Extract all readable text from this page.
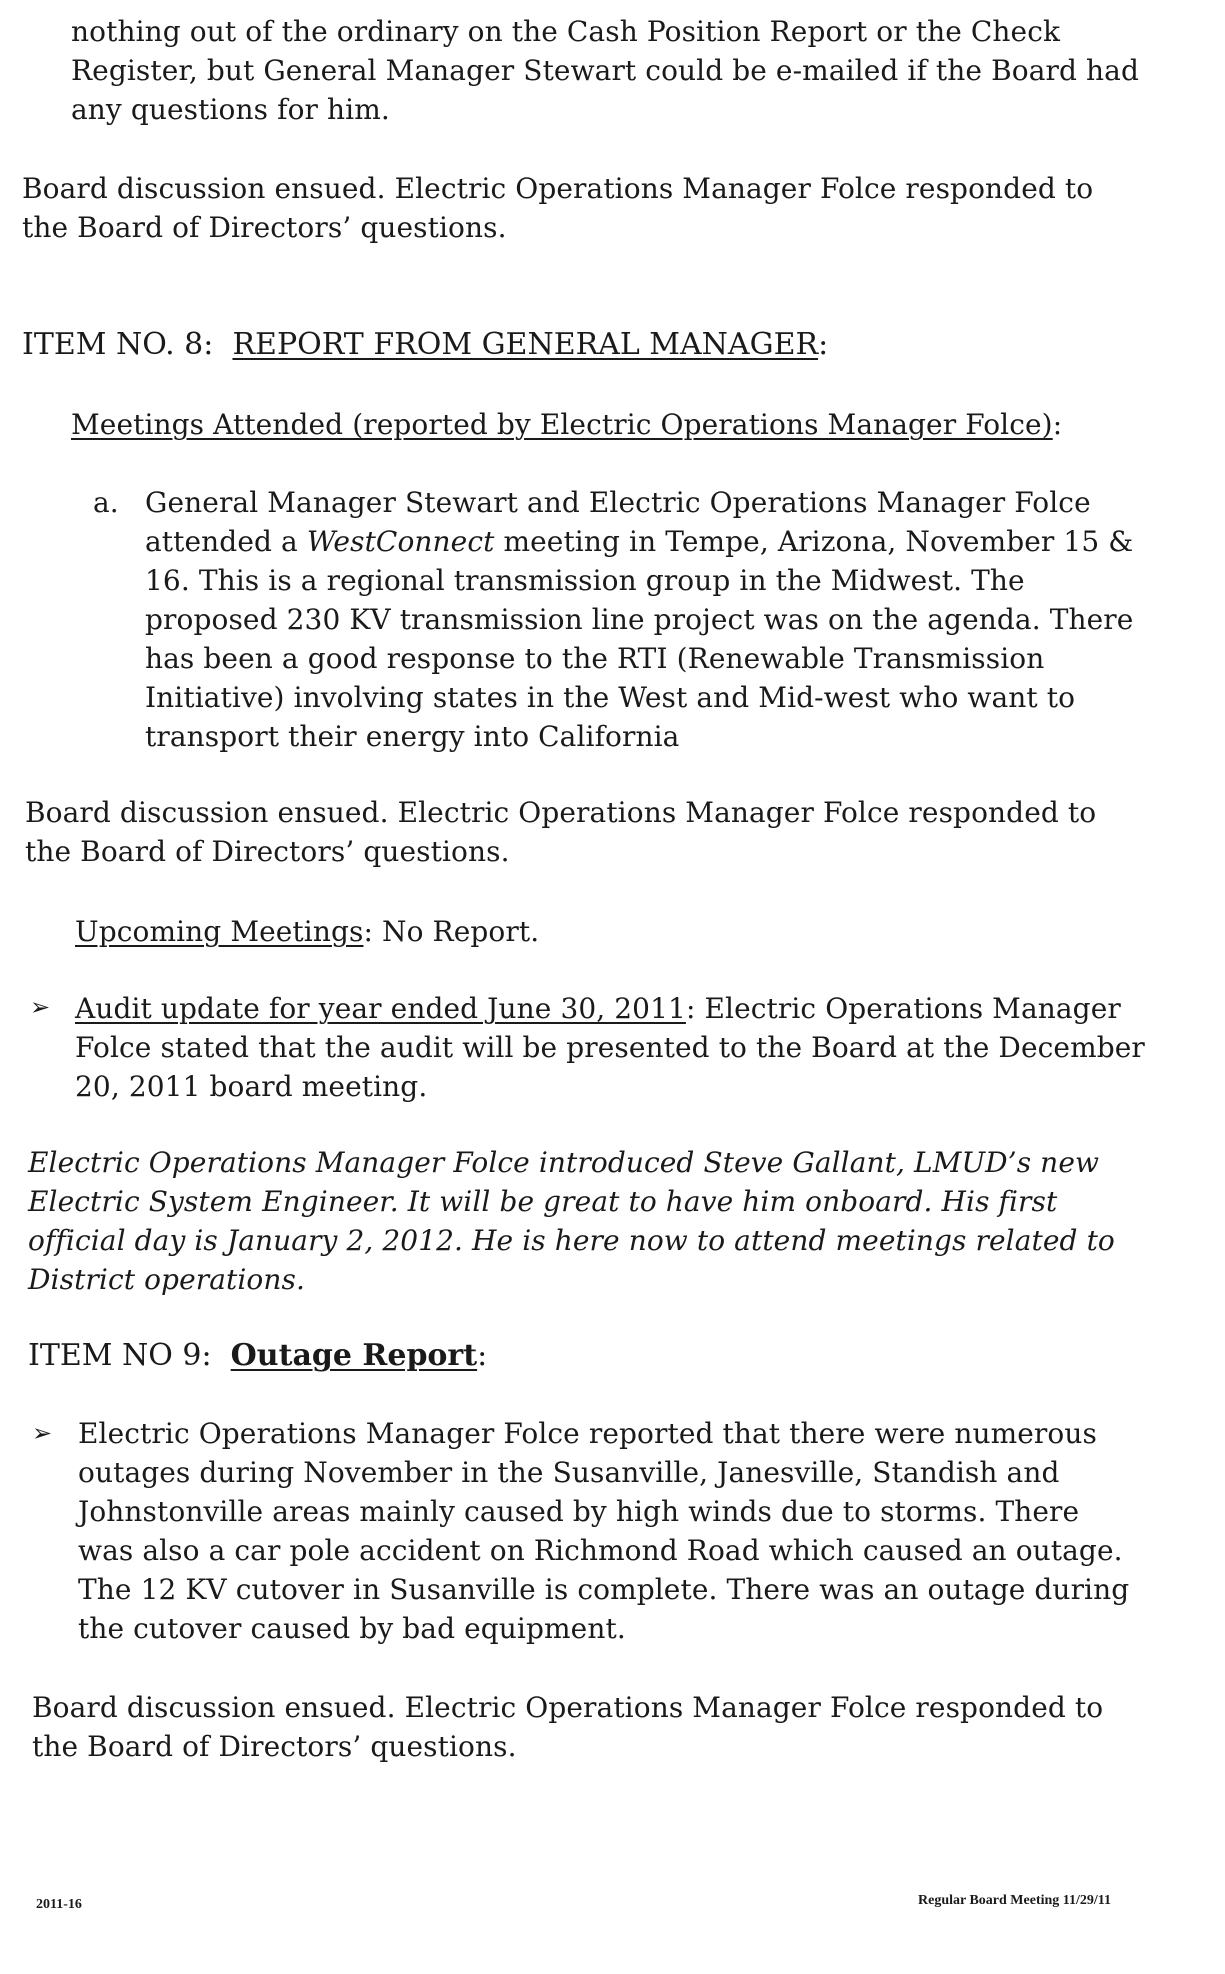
nothing out of the ordinary on the Cash Position Report or the Check
Register, but General Manager Stewart could be e-mailed if the Board had
any questions for him.
Board discussion ensued. Electric Operations Manager Folce responded to
the Board of Directors’ questions.
ITEM NO. 8: REPORT FROM GENERAL MANAGER:
Meetings Attended (reported by Electric Operations Manager Folce):
a. General Manager Stewart and Electric Operations Manager Folce
attended a WestConnect meeting in Tempe, Arizona, November 15 &
16. This is a regional transmission group in the Midwest. The
proposed 230 KV transmission line project was on the agenda. There
has been a good response to the RTI (Renewable Transmission
Initiative) involving states in the West and Mid-west who want to
transport their energy into California
Board discussion ensued. Electric Operations Manager Folce responded to
the Board of Directors’ questions.
Upcoming Meetings: No Report.
➢ Audit update for year ended June 30, 2011: Electric Operations Manager
Folce stated that the audit will be presented to the Board at the December
20, 2011 board meeting.
Electric Operations Manager Folce introduced Steve Gallant, LMUD’s new
Electric System Engineer. It will be great to have him onboard. His first
official day is January 2, 2012. He is here now to attend meetings related to
District operations.
ITEM NO 9: Outage Report:
➢ Electric Operations Manager Folce reported that there were numerous
outages during November in the Susanville, Janesville, Standish and
Johnstonville areas mainly caused by high winds due to storms. There
was also a car pole accident on Richmond Road which caused an outage.
The 12 KV cutover in Susanville is complete. There was an outage during
the cutover caused by bad equipment.
Board discussion ensued. Electric Operations Manager Folce responded to
the Board of Directors’ questions.
2011-16	Regular Board Meeting 11/29/11
